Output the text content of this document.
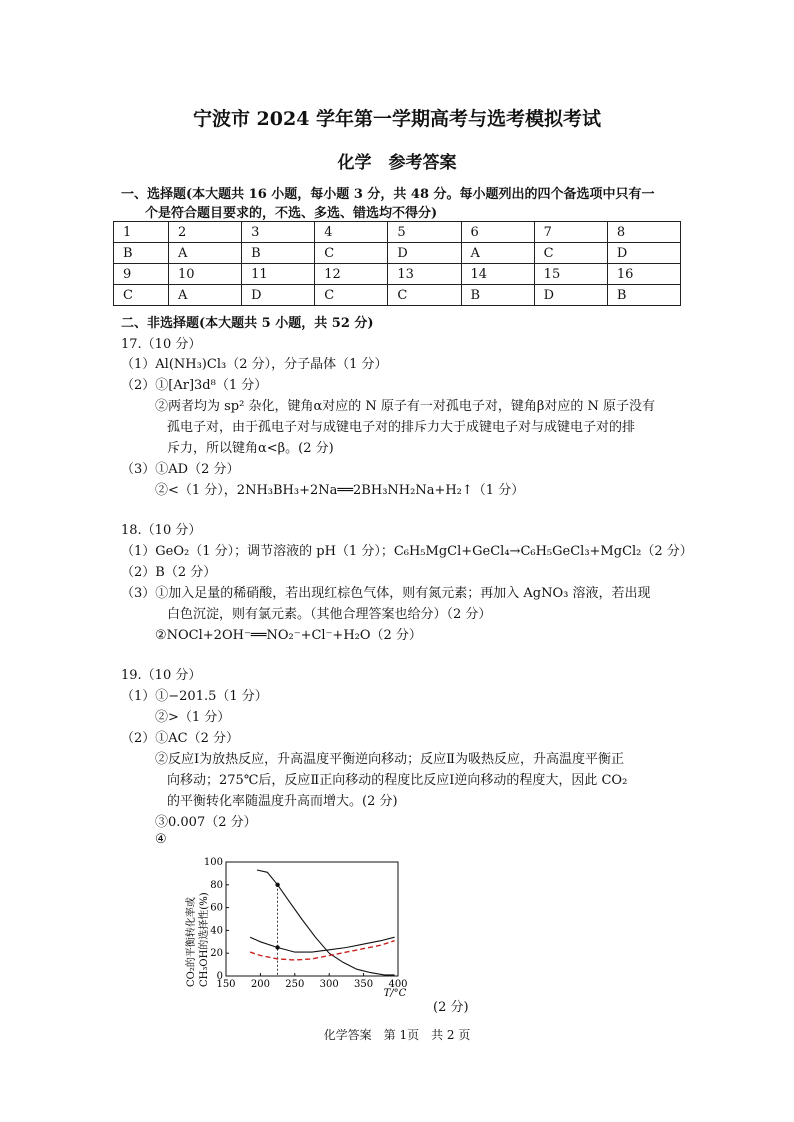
宁波市 2024 学年第一学期高考与选考模拟考试
化学　参考答案
一、选择题(本大题共 16 小题，每小题 3 分，共 48 分。每小题列出的四个备选项中只有一
个是符合题目要求的，不选、多选、错选均不得分)
1	2	3	4	5	6	7	8
B	A	B	C	D	A	C	D
9	10	11	12	13	14	15	16
C	A	D	C	C	B	D	B
二、非选择题(本大题共 5 小题，共 52 分)
17.（10 分）
（1）Al(NH₃)Cl₃（2 分），分子晶体（1 分）
（2）①[Ar]3d⁸（1 分）
②两者均为 sp² 杂化，键角α对应的 N 原子有一对孤电子对，键角β对应的 N 原子没有
孤电子对，由于孤电子对与成键电子对的排斥力大于成键电子对与成键电子对的排
斥力，所以键角α<β。(2 分)
（3）①AD（2 分）
②<（1 分），2NH₃BH₃+2Na══2BH₃NH₂Na+H₂↑（1 分）
18.（10 分）
（1）GeO₂（1 分）；调节溶液的 pH（1 分）；C₆H₅MgCl+GeCl₄→C₆H₅GeCl₃+MgCl₂（2 分）
（2）B（2 分）
（3）①加入足量的稀硝酸，若出现红棕色气体，则有氮元素；再加入 AgNO₃ 溶液，若出现
白色沉淀，则有氯元素。（其他合理答案也给分）（2 分）
②NOCl+2OH⁻══NO₂⁻+Cl⁻+H₂O（2 分）
19.（10 分）
（1）①−201.5（1 分）
②>（1 分）
（2）①AC（2 分）
②反应Ⅰ为放热反应，升高温度平衡逆向移动；反应Ⅱ为吸热反应，升高温度平衡正
向移动；275℃后，反应Ⅱ正向移动的程度比反应Ⅰ逆向移动的程度大，因此 CO₂
的平衡转化率随温度升高而增大。(2 分)
③0.007（2 分）
④
CO₂的平衡转化率或 CH₃OH的选择性(%) 150 200 250 300 350 400
0
20
40
60
80
100
T/°C
(2 分)
化学答案　第 1页　共 2 页
